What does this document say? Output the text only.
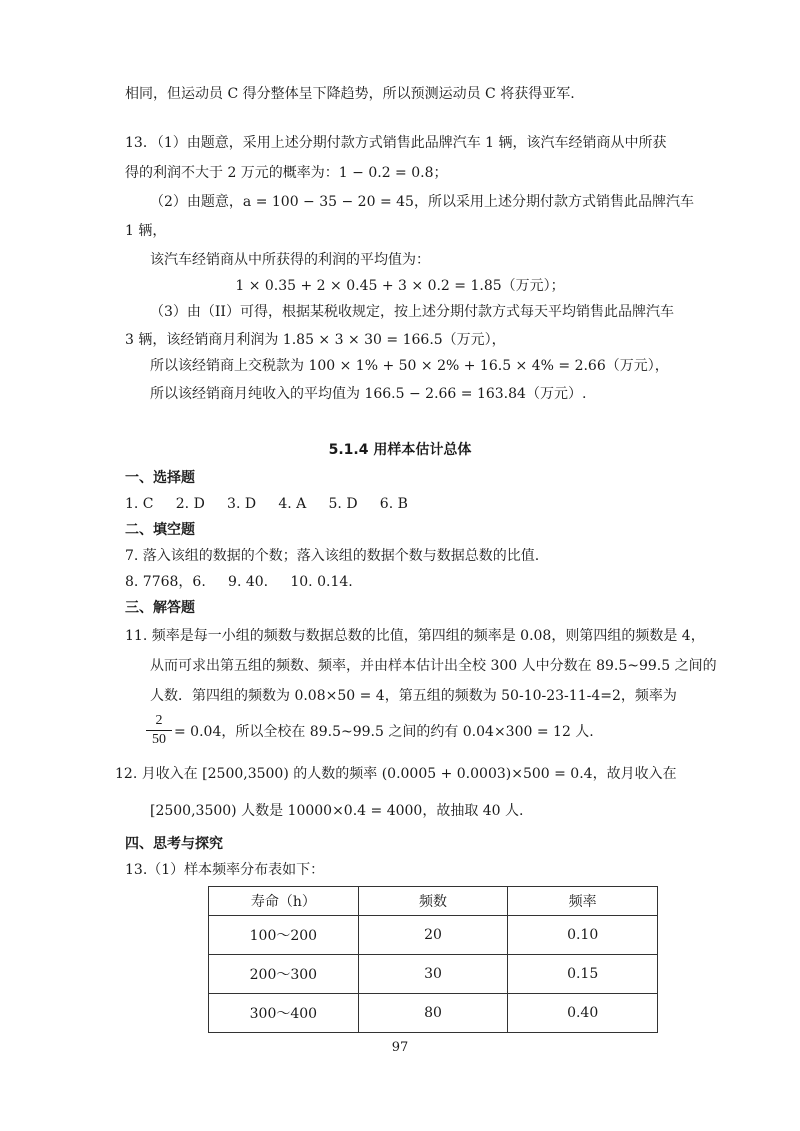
相同，但运动员 C 得分整体呈下降趋势，所以预测运动员 C 将获得亚军.
13．（1）由题意，采用上述分期付款方式销售此品牌汽车 1 辆，该汽车经销商从中所获
得的利润不大于 2 万元的概率为：1 − 0.2 = 0.8；
（2）由题意，a = 100 − 35 − 20 = 45，所以采用上述分期付款方式销售此品牌汽车
1 辆，
该汽车经销商从中所获得的利润的平均值为：
1 × 0.35 + 2 × 0.45 + 3 × 0.2 = 1.85（万元）；
（3）由（II）可得，根据某税收规定，按上述分期付款方式每天平均销售此品牌汽车
3 辆，该经销商月利润为 1.85 × 3 × 30 = 166.5（万元），
所以该经销商上交税款为 100 × 1% + 50 × 2% + 16.5 × 4% = 2.66（万元），
所以该经销商月纯收入的平均值为 166.5 − 2.66 = 163.84（万元）.
5.1.4 用样本估计总体
一、选择题
1. C     2. D     3. D     4. A     5. D     6. B
二、填空题
7. 落入该组的数据的个数；落入该组的数据个数与数据总数的比值.
8. 7768，6.     9. 40.     10. 0.14.
三、解答题
11. 频率是每一小组的频数与数据总数的比值，第四组的频率是 0.08，则第四组的频数是 4，
从而可求出第五组的频数、频率，并由样本估计出全校 300 人中分数在 89.5~99.5 之间的
人数．第四组的频数为 0.08×50 = 4，第五组的频数为 50-10-23-11-4=2，频率为
$\frac{2}{50} = 0.04$，所以全校在 89.5~99.5 之间的约有 0.04×300 = 12 人.
12. 月收入在 [2500,3500) 的人数的频率 (0.0005 + 0.0003)×500 = 0.4，故月收入在
[2500,3500) 人数是 10000×0.4 = 4000，故抽取 40 人.
四、思考与探究
13.（1）样本频率分布表如下：
寿命（h）	频数	频率
100～200	20	0.10
200～300	30	0.15
300～400	80	0.40
97
